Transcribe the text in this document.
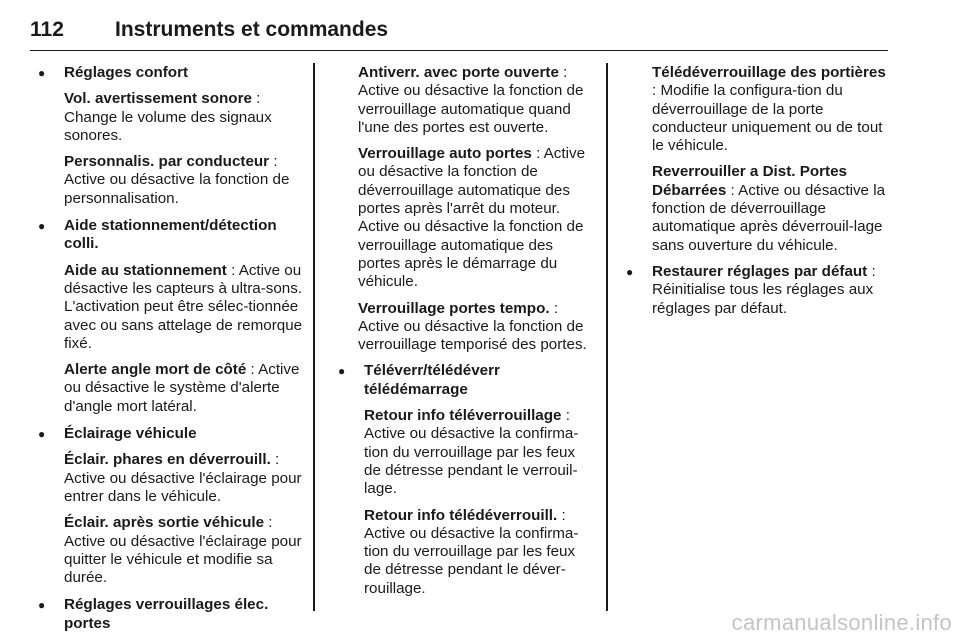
112 Instruments et commandes
● Réglages confort
Vol. avertissement sonore : Change le volume des signaux sonores.
Personnalis. par conducteur : Active ou désactive la fonction de personnalisation.
● Aide stationnement/détection colli.
Aide au stationnement : Active ou désactive les capteurs à ultra-sons. L'activation peut être sélec-tionnée avec ou sans attelage de remorque fixé.
Alerte angle mort de côté : Active ou désactive le système d'alerte d'angle mort latéral.
● Éclairage véhicule
Éclair. phares en déverrouill. : Active ou désactive l'éclairage pour entrer dans le véhicule.
Éclair. après sortie véhicule : Active ou désactive l'éclairage pour quitter le véhicule et modifie sa durée.
● Réglages verrouillages élec. portes
Antiverr. avec porte ouverte : Active ou désactive la fonction de verrouillage automatique quand l'une des portes est ouverte.
Verrouillage auto portes : Active ou désactive la fonction de déverrouillage automatique des portes après l'arrêt du moteur. Active ou désactive la fonction de verrouillage automatique des portes après le démarrage du véhicule.
Verrouillage portes tempo. : Active ou désactive la fonction de verrouillage temporisé des portes.
● Téléverr/télédéverr télédémarrage
Retour info téléverrouillage : Active ou désactive la confirma-tion du verrouillage par les feux de détresse pendant le verrouil-lage.
Retour info télédéverrouill. : Active ou désactive la confirma-tion du verrouillage par les feux de détresse pendant le déver-rouillage.
Télédéverrouillage des portières : Modifie la configura-tion du déverrouillage de la porte conducteur uniquement ou de tout le véhicule.
Reverrouiller a Dist. Portes Débarrées : Active ou désactive la fonction de déverrouillage automatique après déverrouil-lage sans ouverture du véhicule.
● Restaurer réglages par défaut : Réinitialise tous les réglages aux réglages par défaut.
carmanualsonline.info
